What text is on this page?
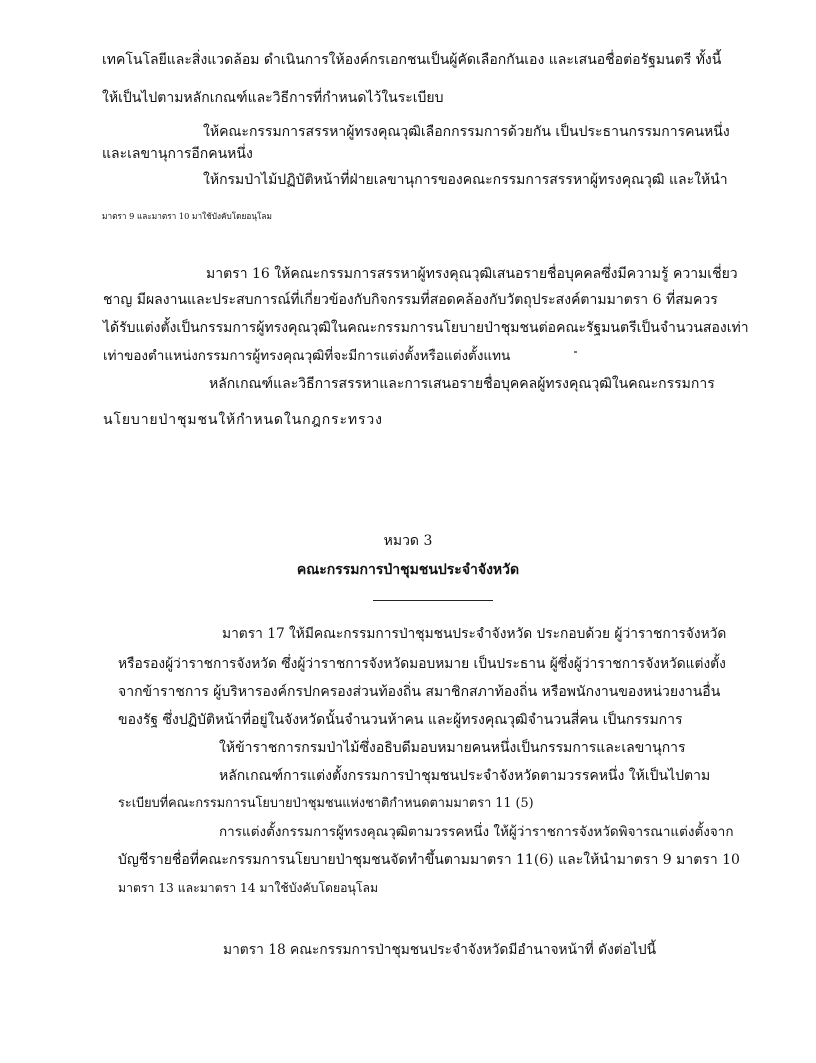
เทคโนโลยีและสิ่งแวดล้อม ดำเนินการให้องค์กรเอกชนเป็นผู้คัดเลือกกันเอง และเสนอชื่อต่อรัฐมนตรี ทั้งนี้
ให้เป็นไปตามหลักเกณฑ์และวิธีการที่กำหนดไว้ในระเบียบ
ให้คณะกรรมการสรรหาผู้ทรงคุณวุฒิเลือกกรรมการด้วยกัน เป็นประธานกรรมการคนหนึ่ง
และเลขานุการอีกคนหนึ่ง
ให้กรมป่าไม้ปฏิบัติหน้าที่ฝ่ายเลขานุการของคณะกรรมการสรรหาผู้ทรงคุณวุฒิ และให้นำ
มาตรา 9 และมาตรา 10 มาใช้บังคับโดยอนุโลม
มาตรา 16 ให้คณะกรรมการสรรหาผู้ทรงคุณวุฒิเสนอรายชื่อบุคคลซึ่งมีความรู้ ความเชี่ยว
ชาญ มีผลงานและประสบการณ์ที่เกี่ยวข้องกับกิจกรรมที่สอดคล้องกับวัตถุประสงค์ตามมาตรา 6 ที่สมควร
ได้รับแต่งตั้งเป็นกรรมการผู้ทรงคุณวุฒิในคณะกรรมการนโยบายป่าชุมชนต่อคณะรัฐมนตรีเป็นจำนวนสองเท่า
เท่าของตำแหน่งกรรมการผู้ทรงคุณวุฒิที่จะมีการแต่งตั้งหรือแต่งตั้งแทน
หลักเกณฑ์และวิธีการสรรหาและการเสนอรายชื่อบุคคลผู้ทรงคุณวุฒิในคณะกรรมการ
นโยบายป่าชุมชนให้กำหนดในกฎกระทรวง
หมวด 3
คณะกรรมการป่าชุมชนประจำจังหวัด
มาตรา 17 ให้มีคณะกรรมการป่าชุมชนประจำจังหวัด ประกอบด้วย ผู้ว่าราชการจังหวัด
หรือรองผู้ว่าราชการจังหวัด ซึ่งผู้ว่าราชการจังหวัดมอบหมาย เป็นประธาน ผู้ซึ่งผู้ว่าราชการจังหวัดแต่งตั้ง
จากข้าราชการ ผู้บริหารองค์กรปกครองส่วนท้องถิ่น สมาชิกสภาท้องถิ่น หรือพนักงานของหน่วยงานอื่น
ของรัฐ ซึ่งปฏิบัติหน้าที่อยู่ในจังหวัดนั้นจำนวนห้าคน และผู้ทรงคุณวุฒิจำนวนสี่คน เป็นกรรมการ
ให้ข้าราชการกรมป่าไม้ซึ่งอธิบดีมอบหมายคนหนึ่งเป็นกรรมการและเลขานุการ
หลักเกณฑ์การแต่งตั้งกรรมการป่าชุมชนประจำจังหวัดตามวรรคหนึ่ง ให้เป็นไปตาม
ระเบียบที่คณะกรรมการนโยบายป่าชุมชนแห่งชาติกำหนดตามมาตรา 11 (5)
การแต่งตั้งกรรมการผู้ทรงคุณวุฒิตามวรรคหนึ่ง ให้ผู้ว่าราชการจังหวัดพิจารณาแต่งตั้งจาก
บัญชีรายชื่อที่คณะกรรมการนโยบายป่าชุมชนจัดทำขึ้นตามมาตรา 11(6) และให้นำมาตรา 9 มาตรา 10
มาตรา 13 และมาตรา 14 มาใช้บังคับโดยอนุโลม
มาตรา 18 คณะกรรมการป่าชุมชนประจำจังหวัดมีอำนาจหน้าที่ ดังต่อไปนี้
